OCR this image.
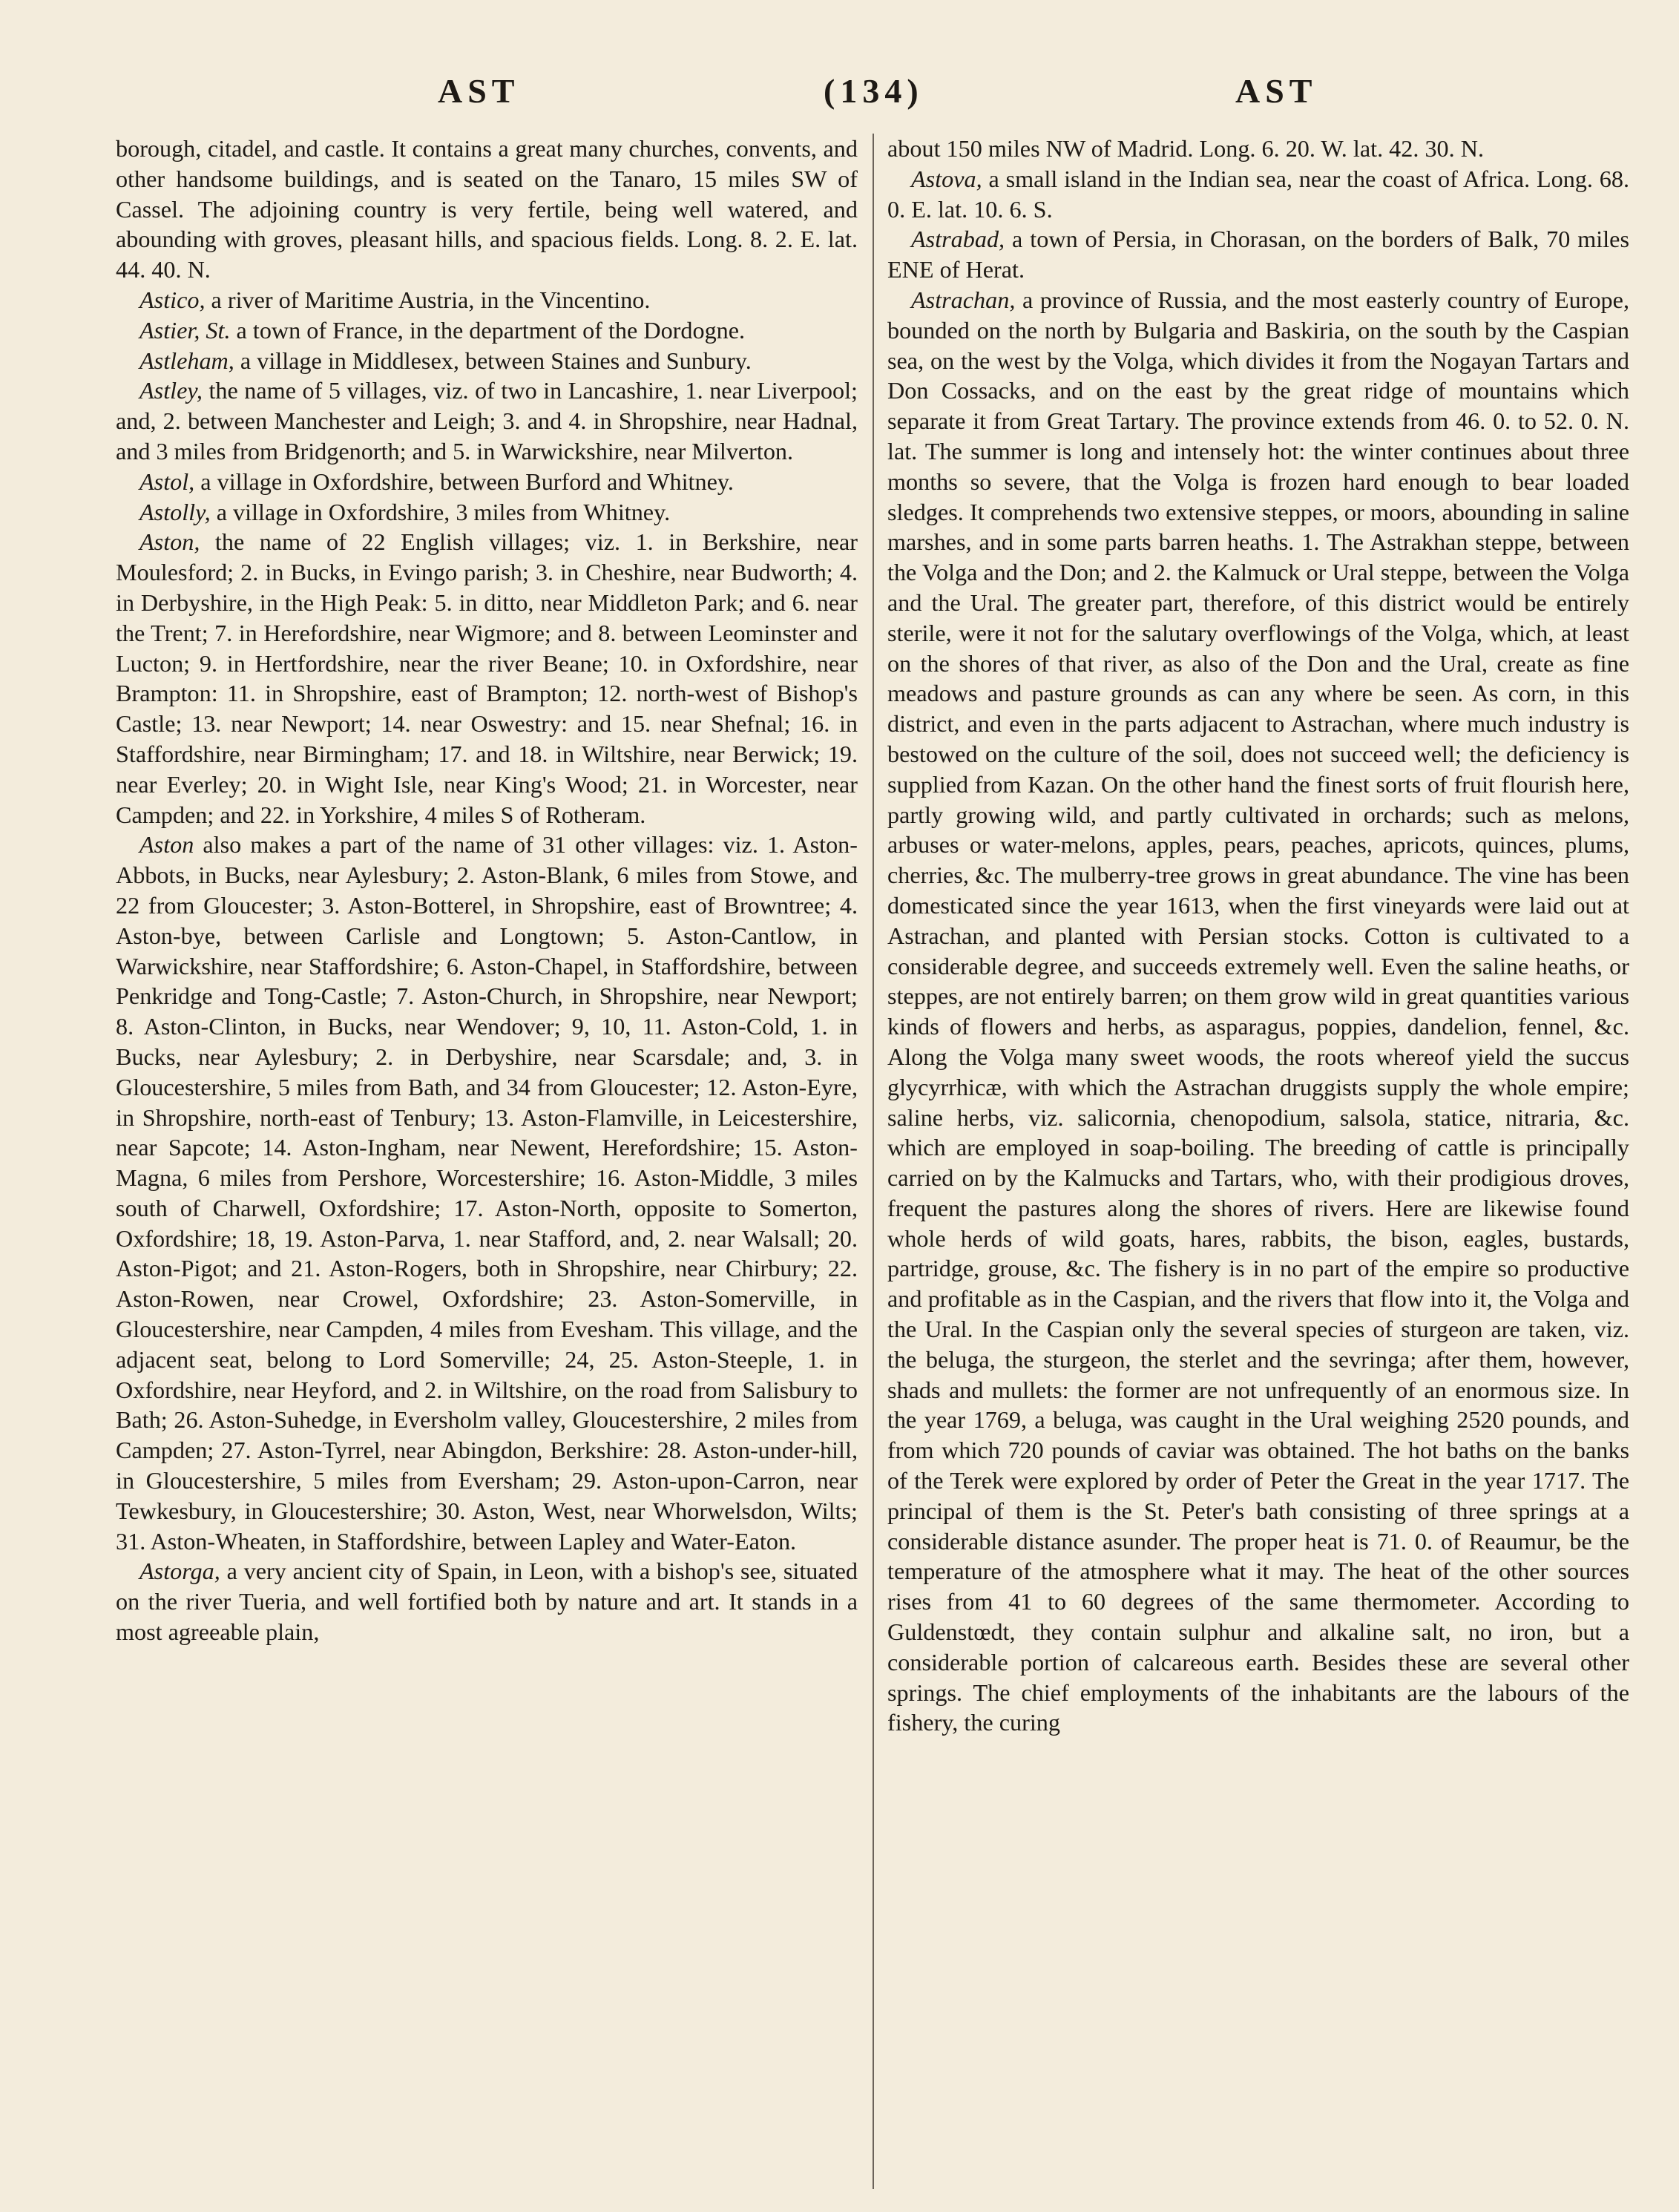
AST	(134)	AST

borough, citadel, and castle. It contains a great many churches, convents, and other handsome buildings, and is seated on the Tanaro, 15 miles SW of Cassel. The adjoining country is very fertile, being well watered, and abounding with groves, pleasant hills, and spacious fields. Long. 8. 2. E. lat. 44. 40. N.

Astico, a river of Maritime Austria, in the Vincentino.

Astier, St. a town of France, in the department of the Dordogne.

Astleham, a village in Middlesex, between Staines and Sunbury.

Astley, the name of 5 villages, viz. of two in Lancashire, 1. near Liverpool; and, 2. between Manchester and Leigh; 3. and 4. in Shropshire, near Hadnal, and 3 miles from Bridgenorth; and 5. in Warwickshire, near Milverton.

Astol, a village in Oxfordshire, between Burford and Whitney.

Astolly, a village in Oxfordshire, 3 miles from Whitney.

Aston, the name of 22 English villages; viz. 1. in Berkshire, near Moulesford; 2. in Bucks, in Evingo parish; 3. in Cheshire, near Budworth; 4. in Derbyshire, in the High Peak: 5. in ditto, near Middleton Park; and 6. near the Trent; 7. in Herefordshire, near Wigmore; and 8. between Leominster and Lucton; 9. in Hertfordshire, near the river Beane; 10. in Oxfordshire, near Brampton: 11. in Shropshire, east of Brampton; 12. north-west of Bishop's Castle; 13. near Newport; 14. near Oswestry: and 15. near Shefnal; 16. in Staffordshire, near Birmingham; 17. and 18. in Wiltshire, near Berwick; 19. near Everley; 20. in Wight Isle, near King's Wood; 21. in Worcester, near Campden; and 22. in Yorkshire, 4 miles S of Rotheram.

Aston also makes a part of the name of 31 other villages: viz. 1. Aston-Abbots, in Bucks, near Aylesbury; 2. Aston-Blank, 6 miles from Stowe, and 22 from Gloucester; 3. Aston-Botterel, in Shropshire, east of Browntree; 4. Aston-bye, between Carlisle and Longtown; 5. Aston-Cantlow, in Warwickshire, near Staffordshire; 6. Aston-Chapel, in Staffordshire, between Penkridge and Tong-Castle; 7. Aston-Church, in Shropshire, near Newport; 8. Aston-Clinton, in Bucks, near Wendover; 9, 10, 11. Aston-Cold, 1. in Bucks, near Aylesbury; 2. in Derbyshire, near Scarsdale; and, 3. in Gloucestershire, 5 miles from Bath, and 34 from Gloucester; 12. Aston-Eyre, in Shropshire, north-east of Tenbury; 13. Aston-Flamville, in Leicestershire, near Sapcote; 14. Aston-Ingham, near Newent, Herefordshire; 15. Aston-Magna, 6 miles from Pershore, Worcestershire; 16. Aston-Middle, 3 miles south of Charwell, Oxfordshire; 17. Aston-North, opposite to Somerton, Oxfordshire; 18, 19. Aston-Parva, 1. near Stafford, and, 2. near Walsall; 20. Aston-Pigot; and 21. Aston-Rogers, both in Shropshire, near Chirbury; 22. Aston-Rowen, near Crowel, Oxfordshire; 23. Aston-Somerville, in Gloucestershire, near Campden, 4 miles from Evesham. This village, and the adjacent seat, belong to Lord Somerville; 24, 25. Aston-Steeple, 1. in Oxfordshire, near Heyford, and 2. in Wiltshire, on the road from Salisbury to Bath; 26. Aston-Suhedge, in Eversholm valley, Gloucestershire, 2 miles from Campden; 27. Aston-Tyrrel, near Abingdon, Berkshire: 28. Aston-under-hill, in Gloucestershire, 5 miles from Eversham; 29. Aston-upon-Carron, near Tewkesbury, in Gloucestershire; 30. Aston, West, near Whorwelsdon, Wilts; 31. Aston-Wheaten, in Staffordshire, between Lapley and Water-Eaton.

Astorga, a very ancient city of Spain, in Leon, with a bishop's see, situated on the river Tueria, and well fortified both by nature and art. It stands in a most agreeable plain,

about 150 miles NW of Madrid. Long. 6. 20. W. lat. 42. 30. N.

Astova, a small island in the Indian sea, near the coast of Africa. Long. 68. 0. E. lat. 10. 6. S.

Astrabad, a town of Persia, in Chorasan, on the borders of Balk, 70 miles ENE of Herat.

Astrachan, a province of Russia, and the most easterly country of Europe, bounded on the north by Bulgaria and Baskiria, on the south by the Caspian sea, on the west by the Volga, which divides it from the Nogayan Tartars and Don Cossacks, and on the east by the great ridge of mountains which separate it from Great Tartary. The province extends from 46. 0. to 52. 0. N. lat. The summer is long and intensely hot: the winter continues about three months so severe, that the Volga is frozen hard enough to bear loaded sledges. It comprehends two extensive steppes, or moors, abounding in saline marshes, and in some parts barren heaths. 1. The Astrakhan steppe, between the Volga and the Don; and 2. the Kalmuck or Ural steppe, between the Volga and the Ural. The greater part, therefore, of this district would be entirely sterile, were it not for the salutary overflowings of the Volga, which, at least on the shores of that river, as also of the Don and the Ural, create as fine meadows and pasture grounds as can any where be seen. As corn, in this district, and even in the parts adjacent to Astrachan, where much industry is bestowed on the culture of the soil, does not succeed well; the deficiency is supplied from Kazan. On the other hand the finest sorts of fruit flourish here, partly growing wild, and partly cultivated in orchards; such as melons, arbuses or water-melons, apples, pears, peaches, apricots, quinces, plums, cherries, &c. The mulberry-tree grows in great abundance. The vine has been domesticated since the year 1613, when the first vineyards were laid out at Astrachan, and planted with Persian stocks. Cotton is cultivated to a considerable degree, and succeeds extremely well. Even the saline heaths, or steppes, are not entirely barren; on them grow wild in great quantities various kinds of flowers and herbs, as asparagus, poppies, dandelion, fennel, &c. Along the Volga many sweet woods, the roots whereof yield the succus glycyrrhicæ, with which the Astrachan druggists supply the whole empire; saline herbs, viz. salicornia, chenopodium, salsola, statice, nitraria, &c. which are employed in soap-boiling. The breeding of cattle is principally carried on by the Kalmucks and Tartars, who, with their prodigious droves, frequent the pastures along the shores of rivers. Here are likewise found whole herds of wild goats, hares, rabbits, the bison, eagles, bustards, partridge, grouse, &c. The fishery is in no part of the empire so productive and profitable as in the Caspian, and the rivers that flow into it, the Volga and the Ural. In the Caspian only the several species of sturgeon are taken, viz. the beluga, the sturgeon, the sterlet and the sevringa; after them, however, shads and mullets: the former are not unfrequently of an enormous size. In the year 1769, a beluga, was caught in the Ural weighing 2520 pounds, and from which 720 pounds of caviar was obtained. The hot baths on the banks of the Terek were explored by order of Peter the Great in the year 1717. The principal of them is the St. Peter's bath consisting of three springs at a considerable distance asunder. The proper heat is 71. 0. of Reaumur, be the temperature of the atmosphere what it may. The heat of the other sources rises from 41 to 60 degrees of the same thermometer. According to Guldenstœdt, they contain sulphur and alkaline salt, no iron, but a considerable portion of calcareous earth. Besides these are several other springs. The chief employments of the inhabitants are the labours of the fishery, the curing
